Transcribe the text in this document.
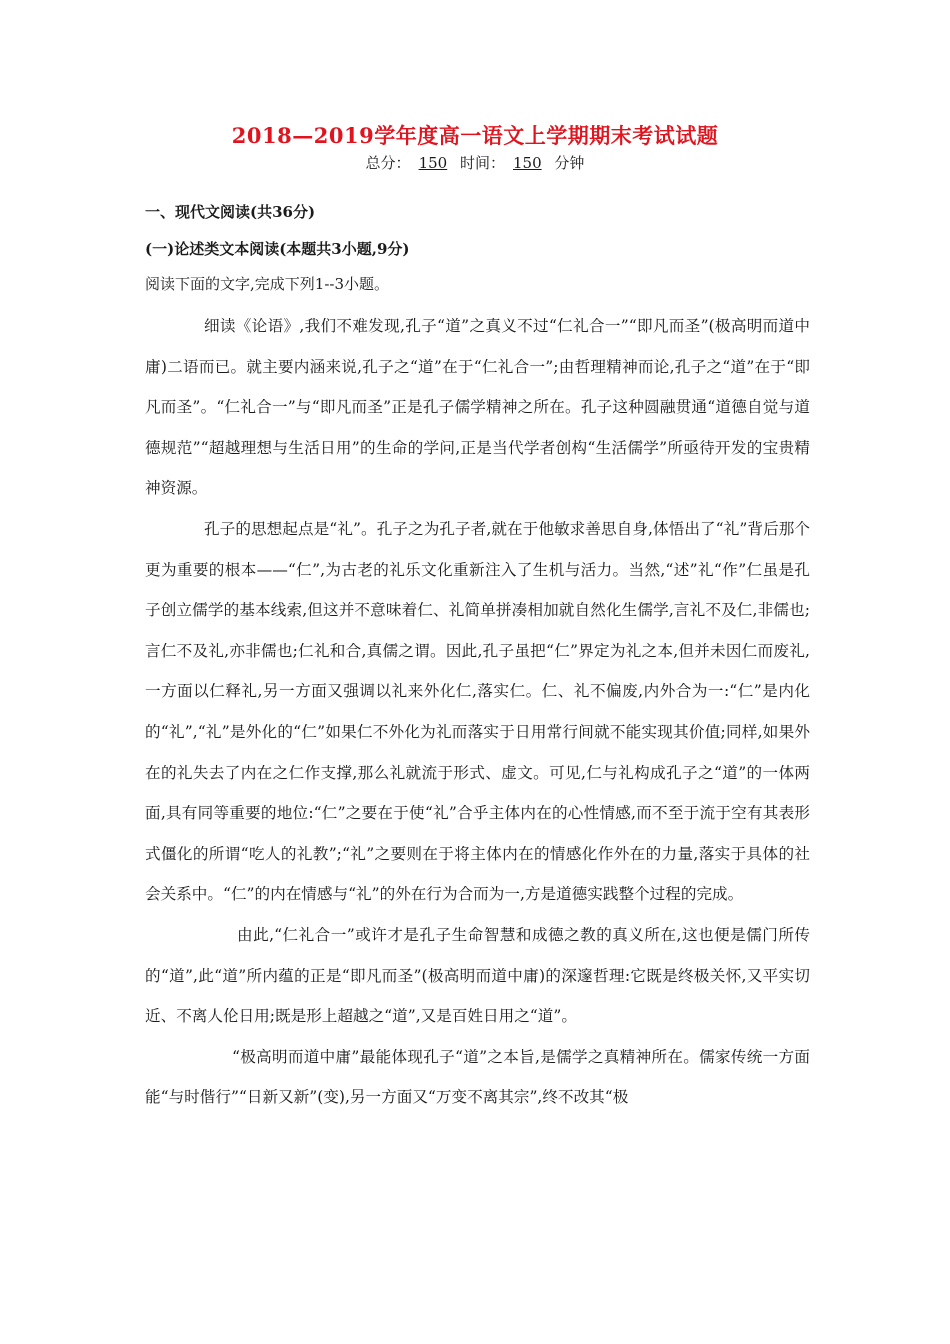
2018—2019学年度高一语文上学期期末考试试题
总分： 150 时间： 150 分钟
一、现代文阅读(共36分)
(一)论述类文本阅读(本题共3小题,9分)
阅读下面的文字,完成下列1--3小题。

细读《论语》,我们不难发现,孔子“道”之真义不过“仁礼合一”“即凡而圣”(极高明而道中庸)二语而已。就主要内涵来说,孔子之“道”在于“仁礼合一”;由哲理精神而论,孔子之“道”在于“即凡而圣”。“仁礼合一”与“即凡而圣”正是孔子儒学精神之所在。孔子这种圆融贯通“道德自觉与道德规范”“超越理想与生活日用”的生命的学问,正是当代学者创构“生活儒学”所亟待开发的宝贵精神资源。

孔子的思想起点是“礼”。孔子之为孔子者,就在于他敏求善思自身,体悟出了“礼”背后那个更为重要的根本——“仁”,为古老的礼乐文化重新注入了生机与活力。当然,“述”礼“作”仁虽是孔子创立儒学的基本线索,但这并不意味着仁、礼简单拼凑相加就自然化生儒学,言礼不及仁,非儒也;言仁不及礼,亦非儒也;仁礼和合,真儒之谓。因此,孔子虽把“仁”界定为礼之本,但并未因仁而废礼,一方面以仁释礼,另一方面又强调以礼来外化仁,落实仁。仁、礼不偏废,内外合为一:“仁”是内化的“礼”,“礼”是外化的“仁”如果仁不外化为礼而落实于日用常行间就不能实现其价值;同样,如果外在的礼失去了内在之仁作支撑,那么礼就流于形式、虚文。可见,仁与礼构成孔子之“道”的一体两面,具有同等重要的地位:“仁”之要在于使“礼”合乎主体内在的心性情感,而不至于流于空有其表形式僵化的所谓“吃人的礼教”;“礼”之要则在于将主体内在的情感化作外在的力量,落实于具体的社会关系中。“仁”的内在情感与“礼”的外在行为合而为一,方是道德实践整个过程的完成。

由此,“仁礼合一”或许才是孔子生命智慧和成德之教的真义所在,这也便是儒门所传的“道”,此“道”所内蕴的正是“即凡而圣”(极高明而道中庸)的深邃哲理:它既是终极关怀,又平实切近、不离人伦日用;既是形上超越之“道”,又是百姓日用之“道”。

“极高明而道中庸”最能体现孔子“道”之本旨,是儒学之真精神所在。儒家传统一方面能“与时偕行”“日新又新”(变),另一方面又“万变不离其宗”,终不改其“极
